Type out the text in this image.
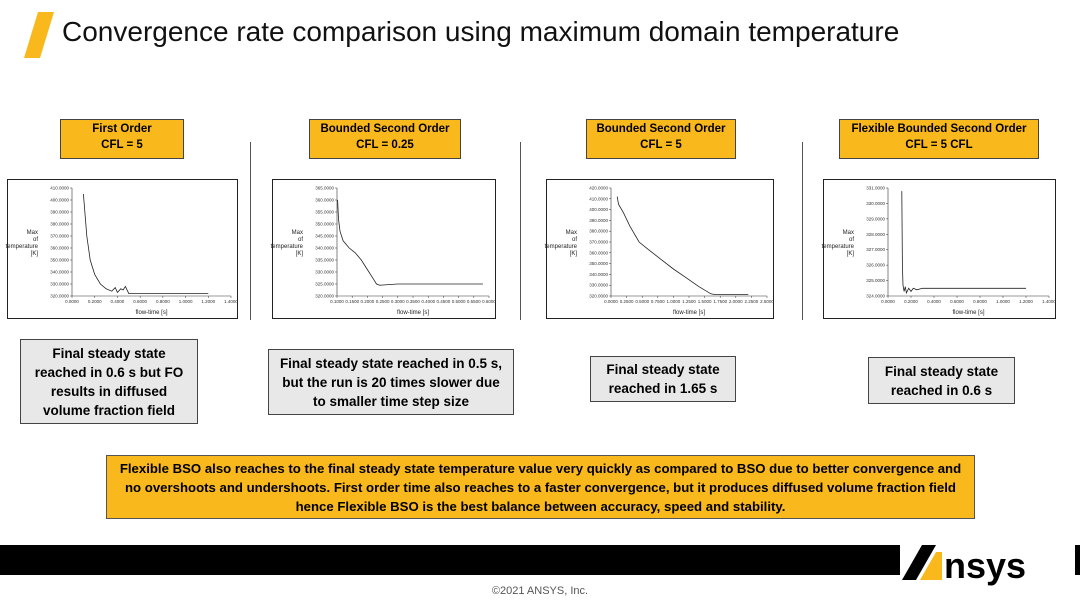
Convergence rate comparison using maximum domain temperature
First Order
CFL = 5
Bounded Second Order
CFL = 0.25
Bounded Second Order
CFL = 5
Flexible Bounded Second Order
CFL = 5 CFL
320.0000
330.0000
340.0000
350.0000
360.0000
370.0000
380.0000
390.0000
400.0000
410.0000
0.0000 0.2000 0.4000 0.6000 0.8000 1.0000 1.2000 1.4000
flow-time [s]
Max of temperature [K]
320.0000
325.0000
330.0000
335.0000
340.0000
345.0000
350.0000
355.0000
360.0000
365.0000
0.1000 0.1500 0.2000 0.2500 0.3000 0.3500 0.4000 0.4500 0.5000 0.5500 0.6000
flow-time [s]
Max of temperature [K]
320.0000
330.0000
340.0000
350.0000
360.0000
370.0000
380.0000
390.0000
400.0000
410.0000
420.0000
0.0000 0.2500 0.5000 0.7500 1.0000 1.2500 1.5000 1.7500 2.0000 2.2500 2.5000
flow-time [s]
Max of temperature [K]
324.0000
325.0000
326.0000
327.0000
328.0000
329.0000
330.0000
331.0000
0.0000 0.2000 0.4000 0.6000 0.8000 1.0000 1.2000 1.4000
flow-time [s]
Max of temperature [K]
Final steady state reached in 0.6 s but FO results in diffused volume fraction field
Final steady state reached in 0.5 s, but the run is 20 times slower due to smaller time step size
Final steady state reached in 1.65 s
Final steady state reached in 0.6 s
Flexible BSO also reaches to the final steady state temperature value very quickly as compared to BSO due to better convergence and no overshoots and undershoots. First order time also reaches to a faster convergence, but it produces diffused volume fraction field hence Flexible BSO is the best balance between accuracy, speed and stability.
nsys
Ansys
©2021 ANSYS, Inc.
